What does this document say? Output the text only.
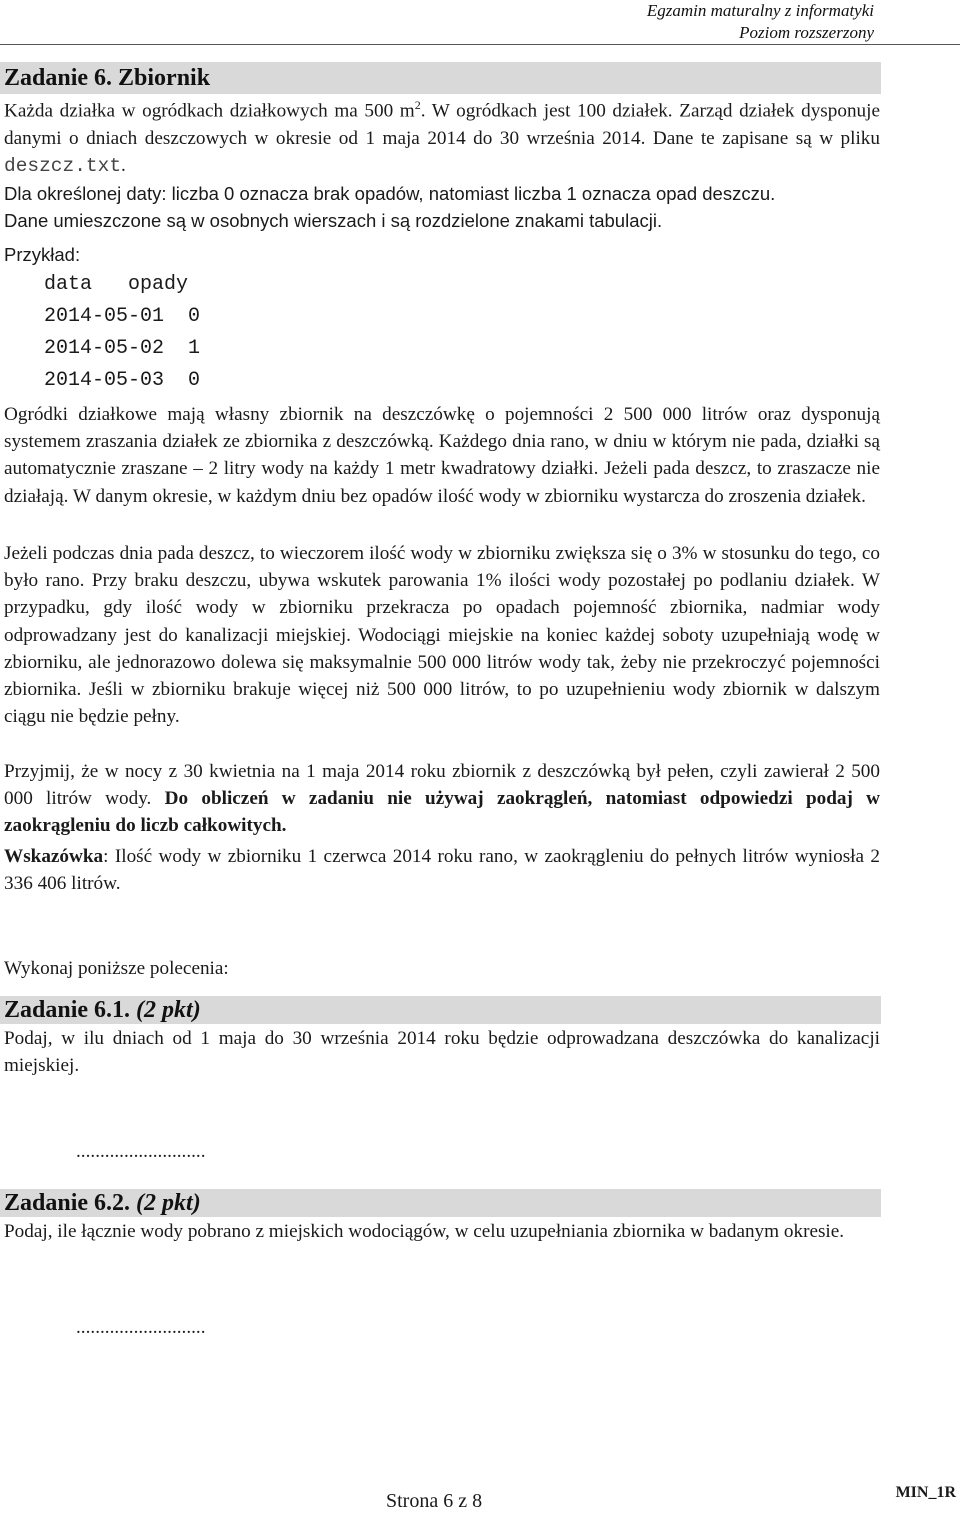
Egzamin maturalny z informatyki
Poziom rozszerzony
Zadanie 6. Zbiornik

Każda działka w ogródkach działkowych ma 500 $m^2$. W ogródkach jest 100 działek. Zarząd działek dysponuje danymi o dniach deszczowych w okresie od 1 maja 2014 do 30 września 2014. Dane te zapisane są w pliku deszcz.txt.

Dla określonej daty: liczba 0 oznacza brak opadów, natomiast liczba 1 oznacza opad deszczu.
Dane umieszczone są w osobnych wierszach i są rozdzielone znakami tabulacji.
Przykład:
data   opady
2014-05-01  0
2014-05-02  1
2014-05-03  0

Ogródki działkowe mają własny zbiornik na deszczówkę o pojemności 2 500 000 litrów oraz dysponują systemem zraszania działek ze zbiornika z deszczówką. Każdego dnia rano, w dniu w którym nie pada, działki są automatycznie zraszane – 2 litry wody na każdy 1 metr kwadratowy działki. Jeżeli pada deszcz, to zraszacze nie działają. W danym okresie, w każdym dniu bez opadów ilość wody w zbiorniku wystarcza do zroszenia działek.

Jeżeli podczas dnia pada deszcz, to wieczorem ilość wody w zbiorniku zwiększa się o 3% w stosunku do tego, co było rano. Przy braku deszczu, ubywa wskutek parowania 1% ilości wody pozostałej po podlaniu działek. W przypadku, gdy ilość wody w zbiorniku przekracza po opadach pojemność zbiornika, nadmiar wody odprowadzany jest do kanalizacji miejskiej. Wodociągi miejskie na koniec każdej soboty uzupełniają wodę w zbiorniku, ale jednorazowo dolewa się maksymalnie 500 000 litrów wody tak, żeby nie przekroczyć pojemności zbiornika. Jeśli w zbiorniku brakuje więcej niż 500 000 litrów, to po uzupełnieniu wody zbiornik w dalszym ciągu nie będzie pełny.

Przyjmij, że w nocy z 30 kwietnia na 1 maja 2014 roku zbiornik z deszczówką był pełen, czyli zawierał 2 500 000 litrów wody. Do obliczeń w zadaniu nie używaj zaokrągleń, natomiast odpowiedzi podaj w zaokrągleniu do liczb całkowitych.

Wskazówka: Ilość wody w zbiorniku 1 czerwca 2014 roku rano, w zaokrągleniu do pełnych litrów wyniosła 2 336 406 litrów.

Wykonaj poniższe polecenia:
Zadanie 6.1. (2 pkt)

Podaj, w ilu dniach od 1 maja do 30 września 2014 roku będzie odprowadzana deszczówka do kanalizacji miejskiej.

...........................
Zadanie 6.2. (2 pkt)

Podaj, ile łącznie wody pobrano z miejskich wodociągów, w celu uzupełniania zbiornika w badanym okresie.

...........................
Strona 6 z 8	MIN_1R
